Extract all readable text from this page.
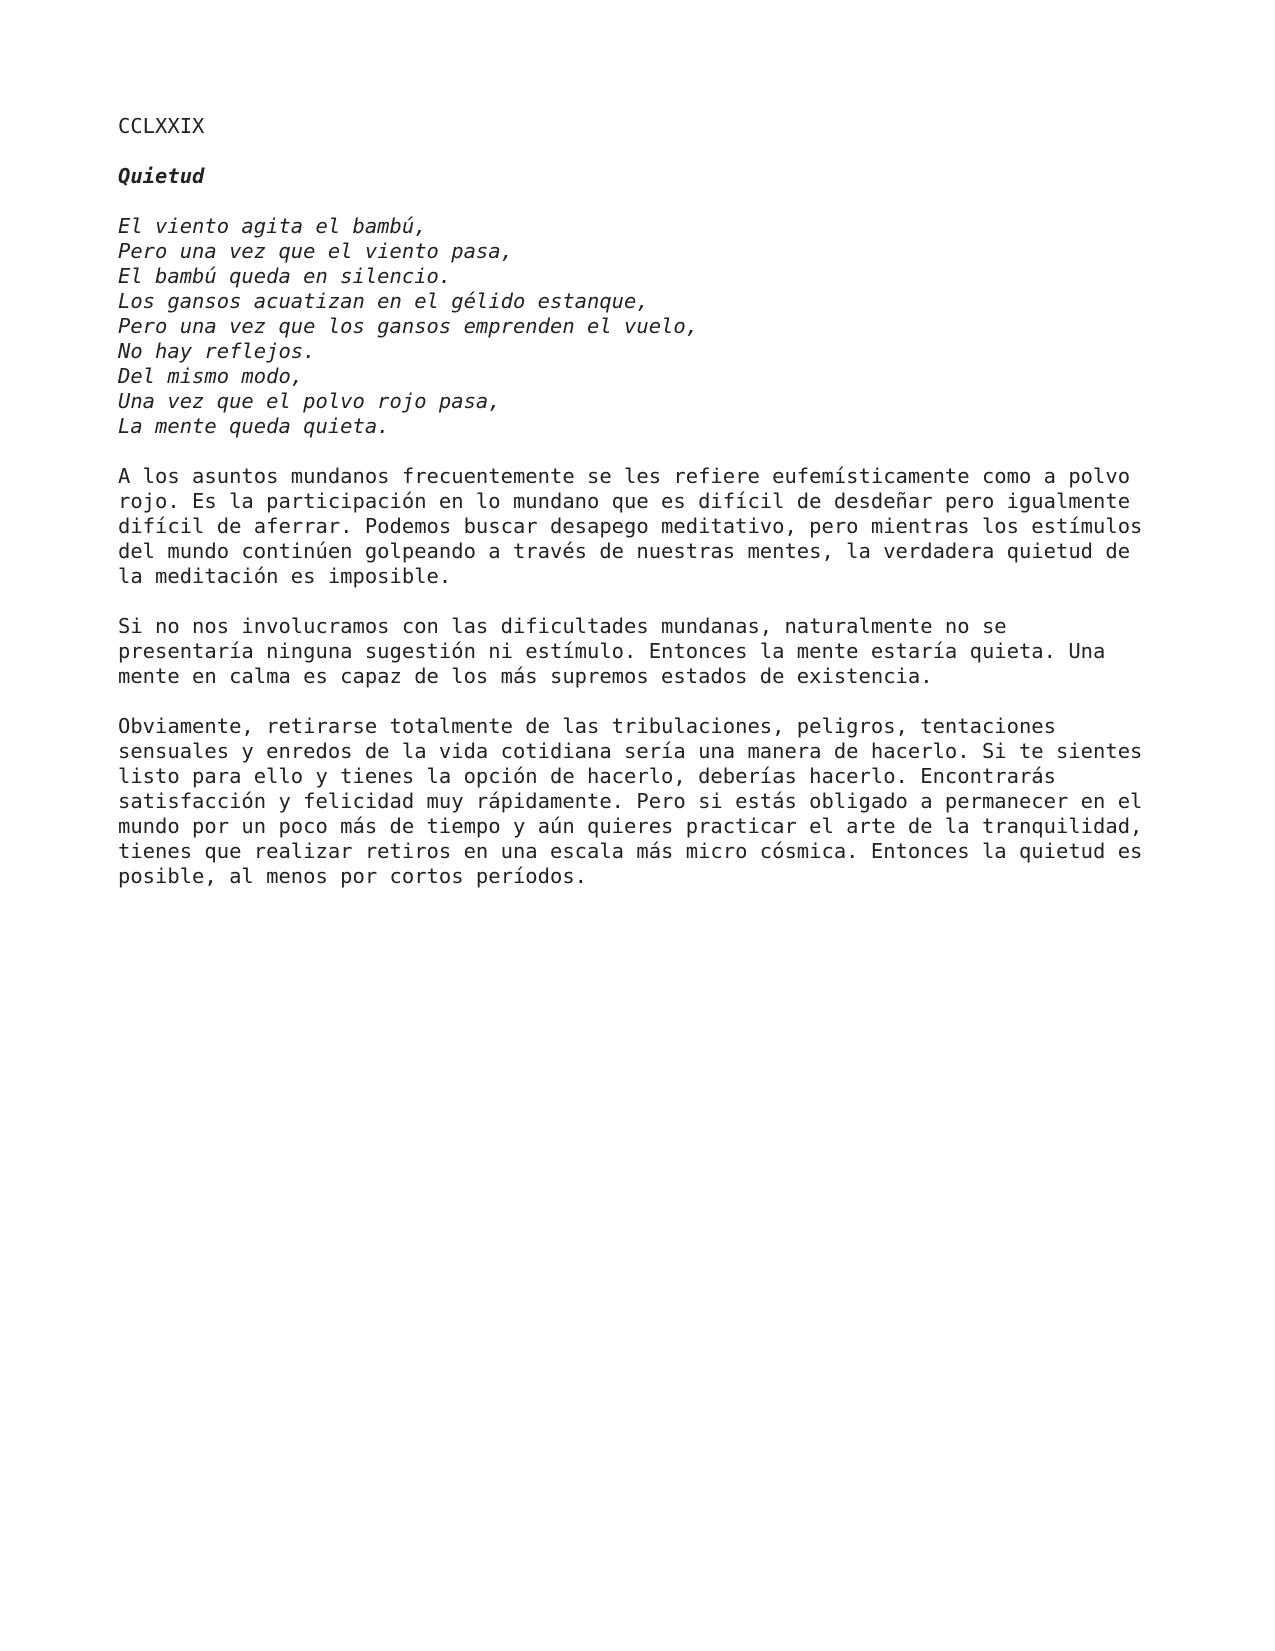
CCLXXIX
Quietud
El viento agita el bambú,
Pero una vez que el viento pasa,
El bambú queda en silencio.
Los gansos acuatizan en el gélido estanque,
Pero una vez que los gansos emprenden el vuelo,
No hay reflejos.
Del mismo modo,
Una vez que el polvo rojo pasa,
La mente queda quieta.
A los asuntos mundanos frecuentemente se les refiere eufemísticamente como a polvo
rojo. Es la participación en lo mundano que es difícil de desdeñar pero igualmente
difícil de aferrar. Podemos buscar desapego meditativo, pero mientras los estímulos
del mundo continúen golpeando a través de nuestras mentes, la verdadera quietud de
la meditación es imposible.
Si no nos involucramos con las dificultades mundanas, naturalmente no se
presentaría ninguna sugestión ni estímulo. Entonces la mente estaría quieta. Una
mente en calma es capaz de los más supremos estados de existencia.
Obviamente, retirarse totalmente de las tribulaciones, peligros, tentaciones
sensuales y enredos de la vida cotidiana sería una manera de hacerlo. Si te sientes
listo para ello y tienes la opción de hacerlo, deberías hacerlo. Encontrarás
satisfacción y felicidad muy rápidamente. Pero si estás obligado a permanecer en el
mundo por un poco más de tiempo y aún quieres practicar el arte de la tranquilidad,
tienes que realizar retiros en una escala más micro cósmica. Entonces la quietud es
posible, al menos por cortos períodos.
